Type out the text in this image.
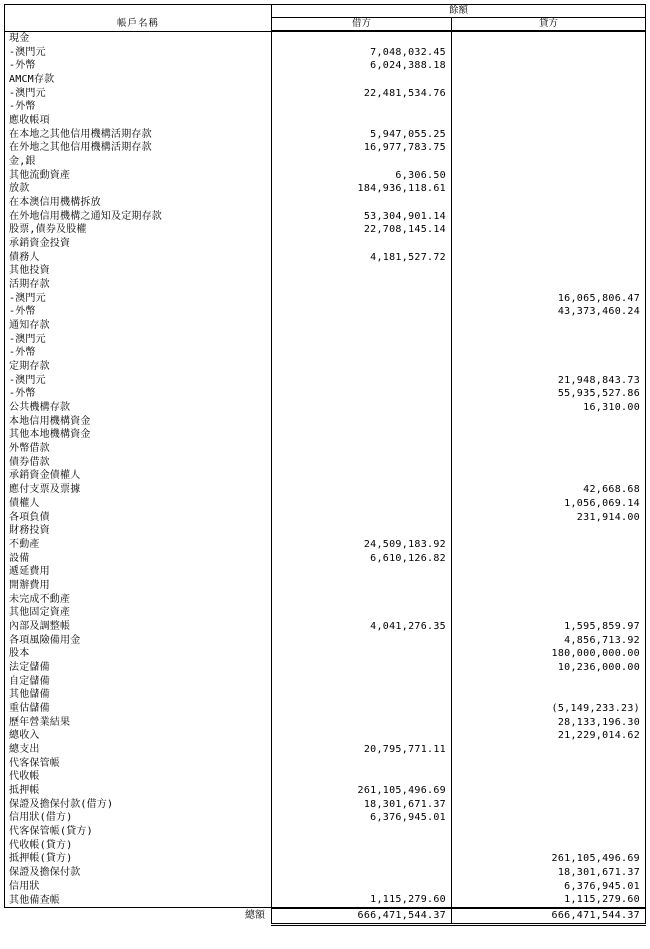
帳戶名稱	餘額	
	借方	貸方
現金		
-澳門元	7,048,032.45	
-外幣	6,024,388.18	
AMCM存款		
-澳門元	22,481,534.76	
-外幣		
應收帳項		
在本地之其他信用機構活期存款	5,947,055.25	
在外地之其他信用機構活期存款	16,977,783.75	
金,銀		
其他流動資產	6,306.50	
放款	184,936,118.61	
在本澳信用機構拆放		
在外地信用機構之通知及定期存款	53,304,901.14	
股票,債券及股權	22,708,145.14	
承銷資金投資		
債務人	4,181,527.72	
其他投資		
活期存款		
-澳門元		16,065,806.47
-外幣		43,373,460.24
通知存款		
-澳門元		
-外幣		
定期存款		
-澳門元		21,948,843.73
-外幣		55,935,527.86
公共機構存款		16,310.00
本地信用機構資金		
其他本地機構資金		
外幣借款		
債券借款		
承銷資金債權人		
應付支票及票據		42,668.68
債權人		1,056,069.14
各項負債		231,914.00
財務投資		
不動產	24,509,183.92	
設備	6,610,126.82	
遞延費用		
開辦費用		
未完成不動產		
其他固定資產		
內部及調整帳	4,041,276.35	1,595,859.97
各項風險備用金		4,856,713.92
股本		180,000,000.00
法定儲備		10,236,000.00
自定儲備		
其他儲備		
重估儲備		(5,149,233.23)
歷年營業結果		28,133,196.30
總收入		21,229,014.62
總支出	20,795,771.11	
代客保管帳		
代收帳		
抵押帳	261,105,496.69	
保證及擔保付款(借方)	18,301,671.37	
信用狀(借方)	6,376,945.01	
代客保管帳(貸方)		
代收帳(貸方)		
抵押帳(貸方)		261,105,496.69
保證及擔保付款		18,301,671.37
信用狀		6,376,945.01
其他備查帳	1,115,279.60	1,115,279.60
總額	666,471,544.37	666,471,544.37
